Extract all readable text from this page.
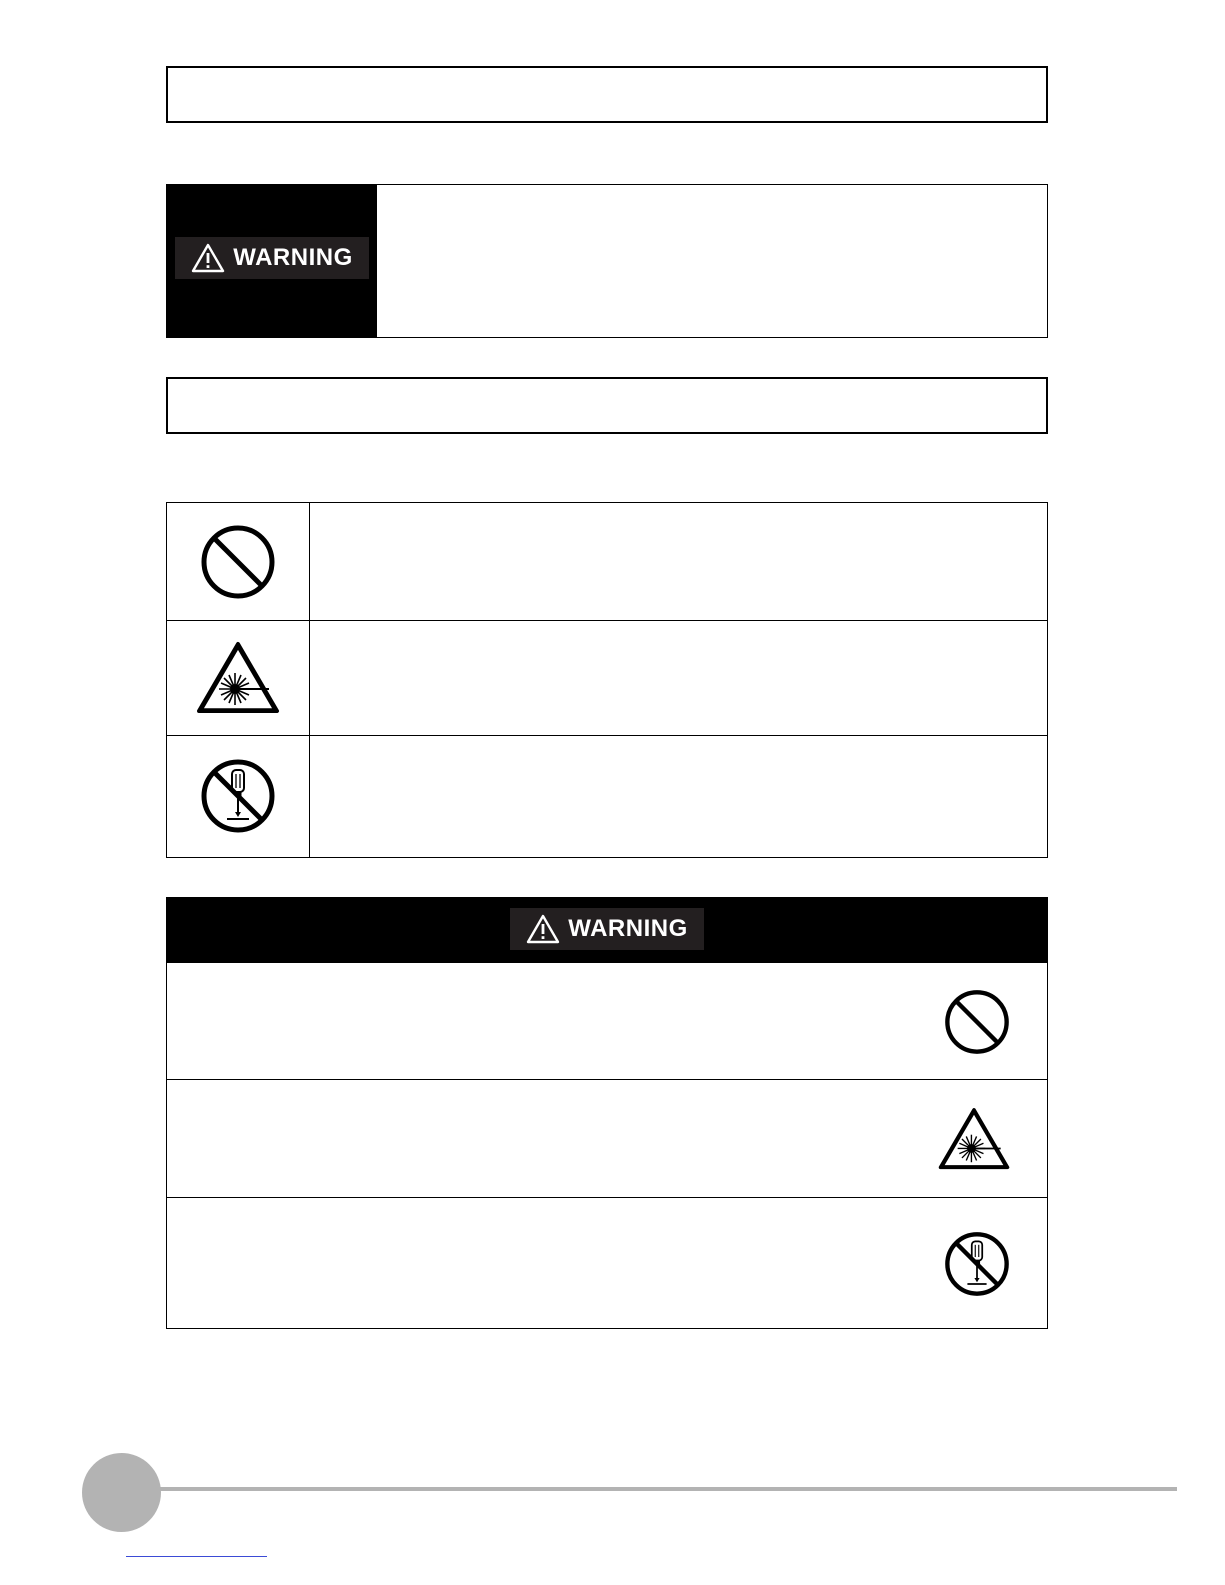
WARNING
WARNING
